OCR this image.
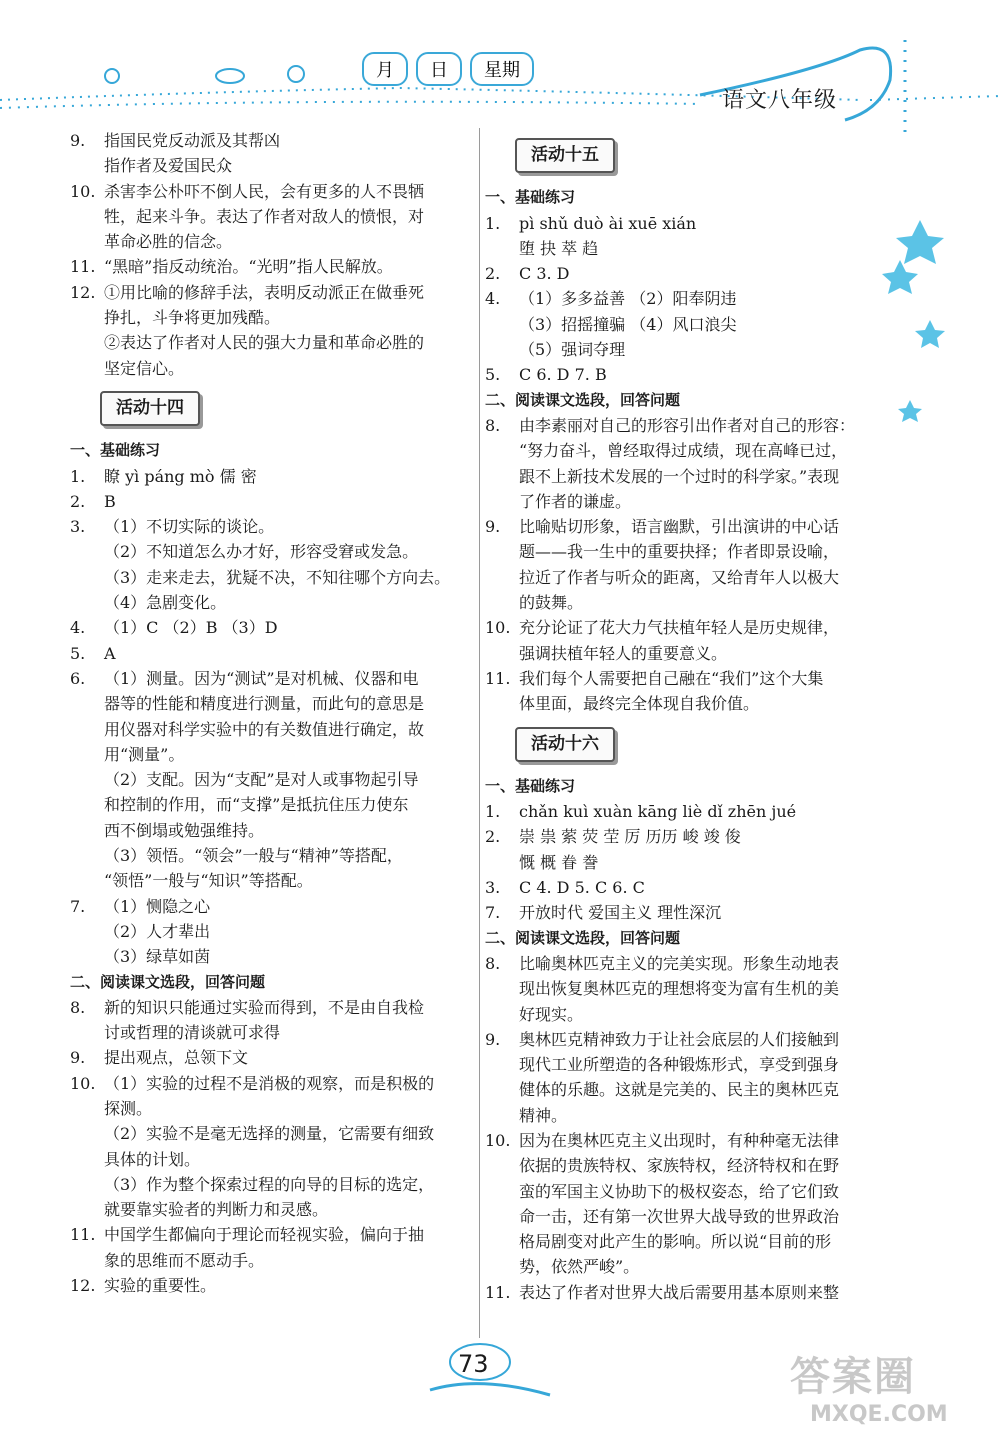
月	日	星期
语文八年级
9.	指国民党反动派及其帮凶
指作者及爱国民众
10. 杀害李公朴吓不倒人民，会有更多的人不畏牺
牲，起来斗争。表达了作者对敌人的愤恨，对
革命必胜的信念。
11. “黑暗”指反动统治。“光明”指人民解放。
12. ①用比喻的修辞手法，表明反动派正在做垂死
挣扎，斗争将更加残酷。
②表达了作者对人民的强大力量和革命必胜的
坚定信心。
活动十四
一、基础练习
1.	瞭 yì páng mò 儒 密
2.	B
3.	（1）不切实际的谈论。
（2）不知道怎么办才好，形容受窘或发急。
（3）走来走去，犹疑不决，不知往哪个方向去。
（4）急剧变化。
4.	（1）C （2）B （3）D
5.	A
6.	（1）测量。因为“测试”是对机械、仪器和电
器等的性能和精度进行测量，而此句的意思是
用仪器对科学实验中的有关数值进行确定，故
用“测量”。
（2）支配。因为“支配”是对人或事物起引导
和控制的作用，而“支撑”是抵抗住压力使东
西不倒塌或勉强维持。
（3）领悟。“领会”一般与“精神”等搭配，
“领悟”一般与“知识”等搭配。
7.	（1）恻隐之心
（2）人才辈出
（3）绿草如茵
二、阅读课文选段，回答问题
8.	新的知识只能通过实验而得到，不是由自我检
讨或哲理的清谈就可求得
9.	提出观点，总领下文
10. （1）实验的过程不是消极的观察，而是积极的
探测。
（2）实验不是毫无选择的测量，它需要有细致
具体的计划。
（3）作为整个探索过程的向导的目标的选定，
就要靠实验者的判断力和灵感。
11. 中国学生都偏向于理论而轻视实验，偏向于抽
象的思维而不愿动手。
12. 实验的重要性。
活动十五
一、基础练习
1.	pì shǔ duò ài xuē xián
堕 抉 萃 趋
2.	C 3. D
4.	（1）多多益善 （2）阳奉阴违
（3）招摇撞骗 （4）风口浪尖
（5）强词夺理
5.	C 6. D 7. B
二、阅读课文选段，回答问题
8.	由李素丽对自己的形容引出作者对自己的形容：
“努力奋斗，曾经取得过成绩，现在高峰已过，
跟不上新技术发展的一个过时的科学家。”表现
了作者的谦虚。
9.	比喻贴切形象，语言幽默，引出演讲的中心话
题——我一生中的重要抉择；作者即景设喻，
拉近了作者与听众的距离，又给青年人以极大
的鼓舞。
10. 充分论证了花大力气扶植年轻人是历史规律，
强调扶植年轻人的重要意义。
11. 我们每个人需要把自己融在“我们”这个大集
体里面，最终完全体现自我价值。
活动十六
一、基础练习
1.	chǎn kuì xuàn kāng liè dǐ zhēn jué
2.	崇 祟 萦 荧 茔 厉 历历 峻 竣 俊
慨 概 眷 誊
3.	C 4. D 5. C 6. C
7.	开放时代 爱国主义 理性深沉
二、阅读课文选段，回答问题
8.	比喻奥林匹克主义的完美实现。形象生动地表
现出恢复奥林匹克的理想将变为富有生机的美
好现实。
9.	奥林匹克精神致力于让社会底层的人们接触到
现代工业所塑造的各种锻炼形式，享受到强身
健体的乐趣。这就是完美的、民主的奥林匹克
精神。
10. 因为在奥林匹克主义出现时，有种种毫无法律
依据的贵族特权、家族特权，经济特权和在野
蛮的军国主义协助下的极权姿态，给了它们致
命一击，还有第一次世界大战导致的世界政治
格局剧变对此产生的影响。所以说“目前的形
势，依然严峻”。
11. 表达了作者对世界大战后需要用基本原则来整
73	答案圈
MXQE.COM
